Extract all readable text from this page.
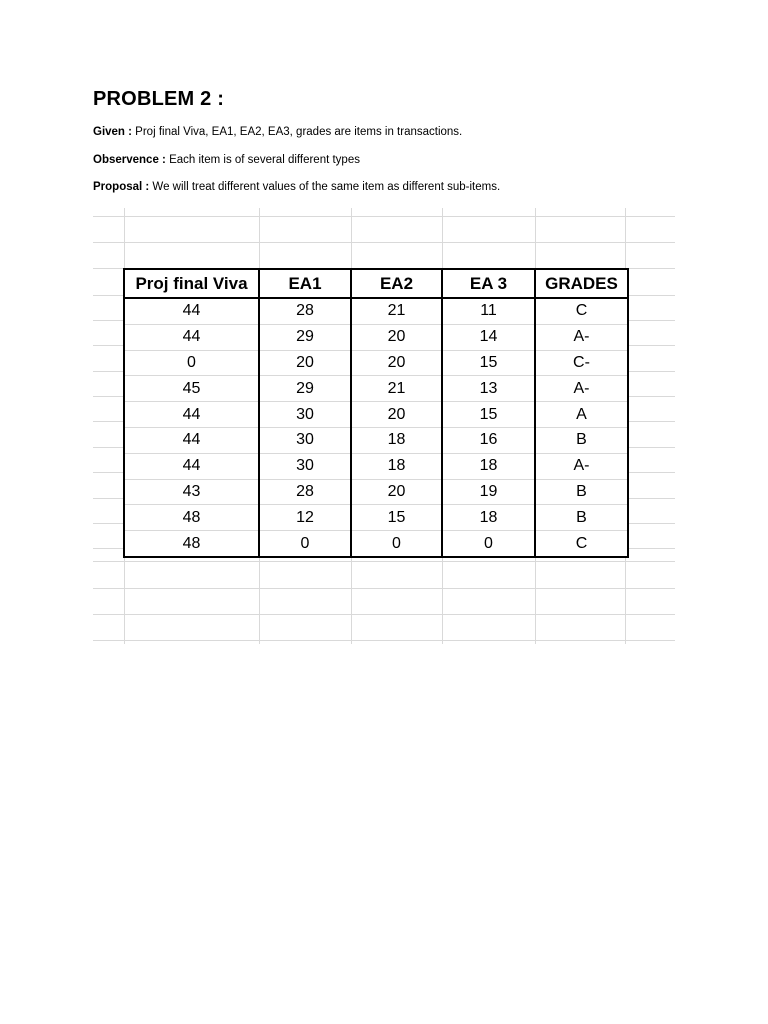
PROBLEM 2 :
Given : Proj final Viva, EA1, EA2, EA3, grades are items in transactions.
Observence : Each item is of several different types
Proposal : We will treat different values of the same item as different sub-items.
Proj final Viva	EA1	EA2	EA 3	GRADES
44	28	21	11	C
44	29	20	14	A-
0	20	20	15	C-
45	29	21	13	A-
44	30	20	15	A
44	30	18	16	B
44	30	18	18	A-
43	28	20	19	B
48	12	15	18	B
48	0	0	0	C
